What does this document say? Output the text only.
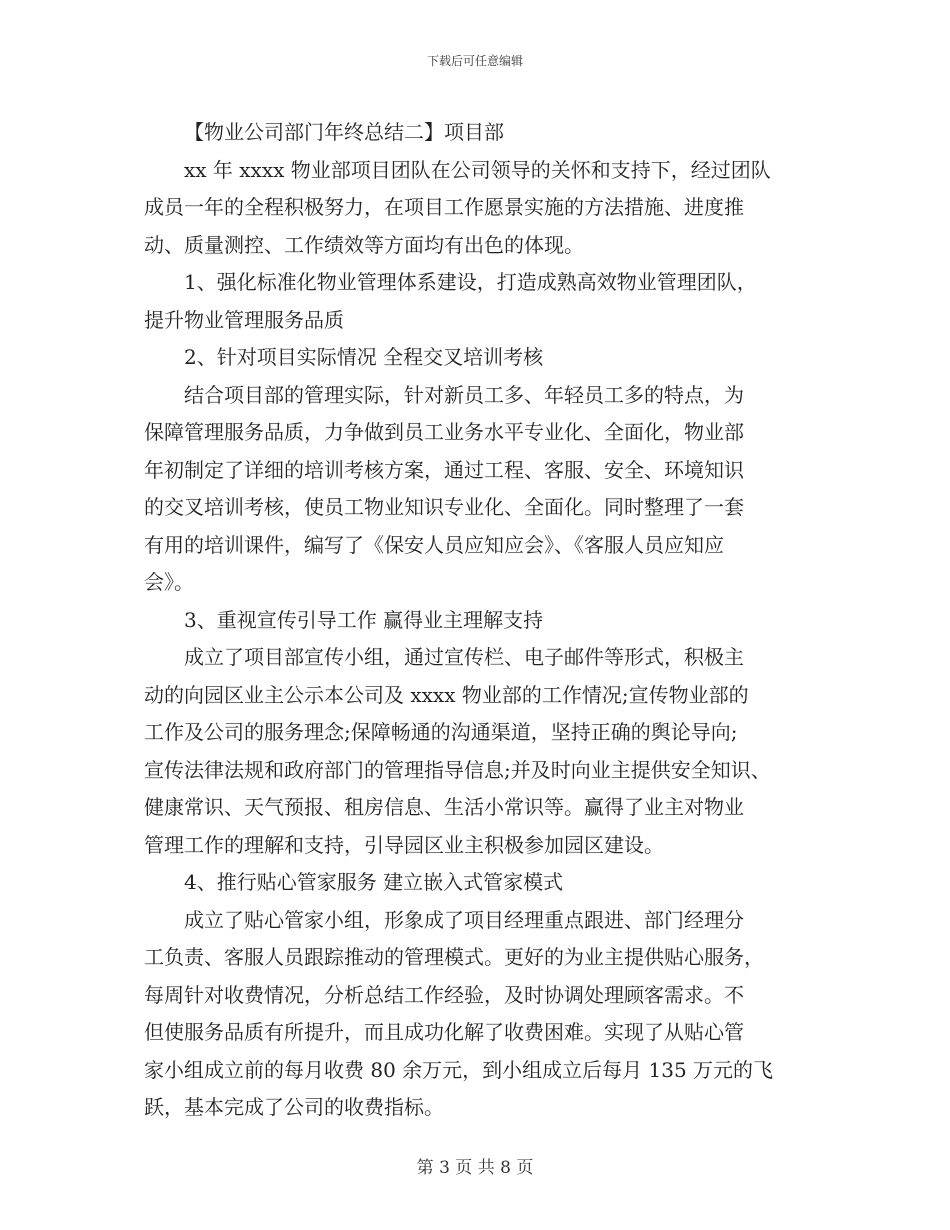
下载后可任意编辑
【物业公司部门年终总结二】项目部
xx 年 xxxx 物业部项目团队在公司领导的关怀和支持下，经过团队
成员一年的全程积极努力，在项目工作愿景实施的方法措施、进度推
动、质量测控、工作绩效等方面均有出色的体现。
1、强化标准化物业管理体系建设，打造成熟高效物业管理团队，
提升物业管理服务品质
2、针对项目实际情况 全程交叉培训考核
结合项目部的管理实际，针对新员工多、年轻员工多的特点，为
保障管理服务品质，力争做到员工业务水平专业化、全面化，物业部
年初制定了详细的培训考核方案，通过工程、客服、安全、环境知识
的交叉培训考核，使员工物业知识专业化、全面化。同时整理了一套
有用的培训课件，编写了《保安人员应知应会》、《客服人员应知应
会》。
3、重视宣传引导工作 赢得业主理解支持
成立了项目部宣传小组，通过宣传栏、电子邮件等形式，积极主
动的向园区业主公示本公司及 xxxx 物业部的工作情况;宣传物业部的
工作及公司的服务理念;保障畅通的沟通渠道，坚持正确的舆论导向;
宣传法律法规和政府部门的管理指导信息;并及时向业主提供安全知识、
健康常识、天气预报、租房信息、生活小常识等。赢得了业主对物业
管理工作的理解和支持，引导园区业主积极参加园区建设。
4、推行贴心管家服务 建立嵌入式管家模式
成立了贴心管家小组，形象成了项目经理重点跟进、部门经理分
工负责、客服人员跟踪推动的管理模式。更好的为业主提供贴心服务，
每周针对收费情况，分析总结工作经验，及时协调处理顾客需求。不
但使服务品质有所提升，而且成功化解了收费困难。实现了从贴心管
家小组成立前的每月收费 80 余万元，到小组成立后每月 135 万元的飞
跃，基本完成了公司的收费指标。
第 3 页 共 8 页
